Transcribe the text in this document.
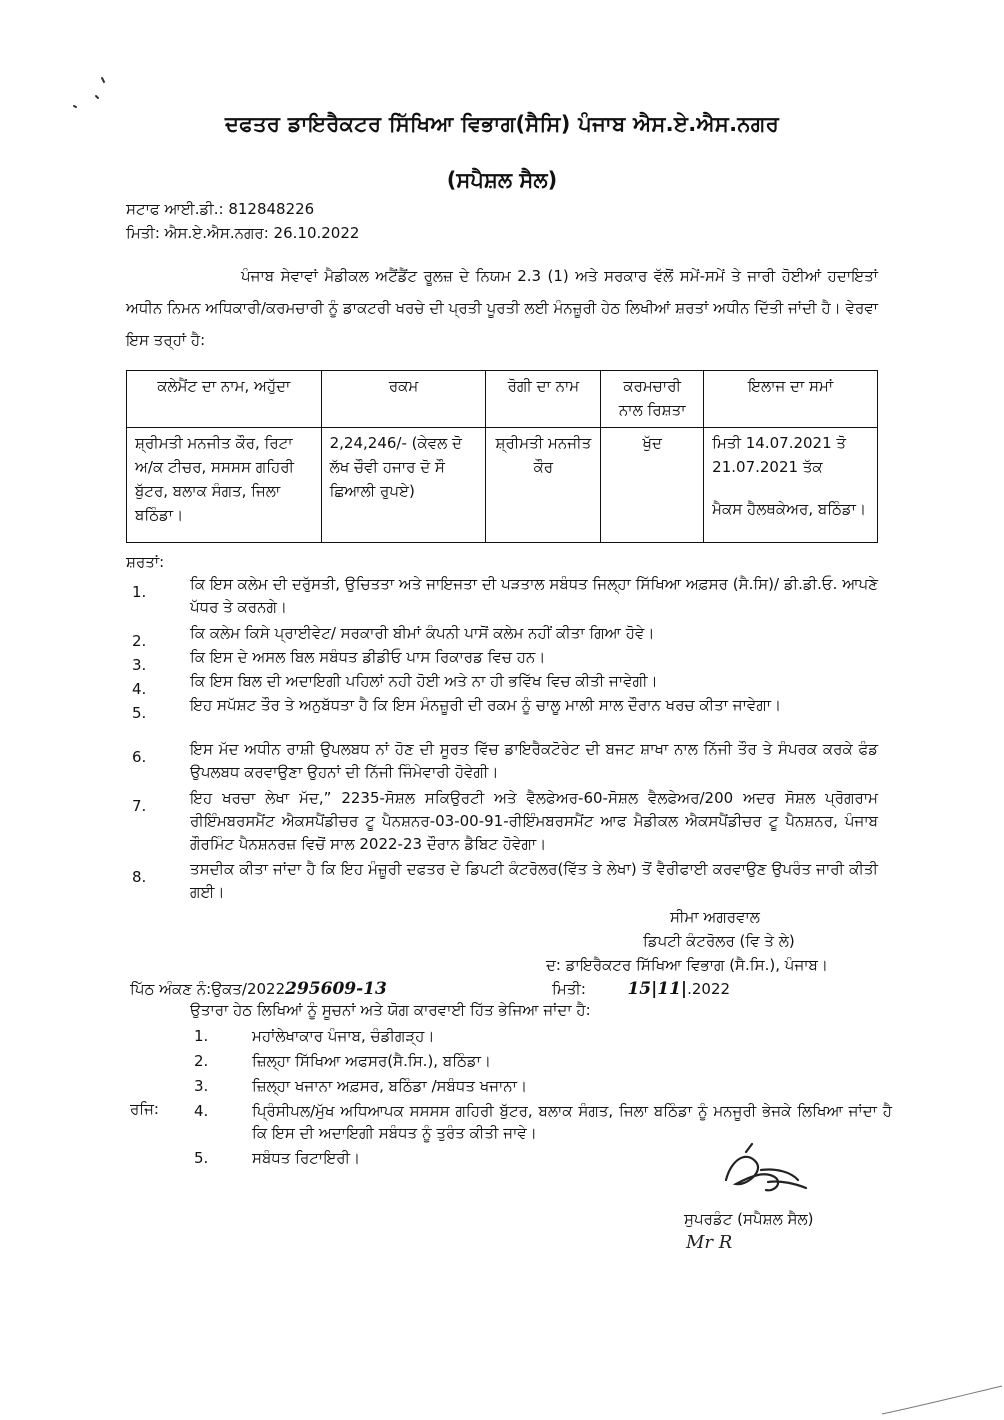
ਦਫਤਰ ਡਾਇਰੈਕਟਰ ਸਿੱਖਿਆ ਵਿਭਾਗ(ਸੈਸਿ) ਪੰਜਾਬ ਐਸ.ਏ.ਐਸ.ਨਗਰ
(ਸਪੈਸ਼ਲ ਸੈਲ)
ਸਟਾਫ ਆਈ.ਡੀ.: 812848226
ਮਿਤੀ: ਐਸ.ਏ.ਐਸ.ਨਗਰ: 26.10.2022
ਪੰਜਾਬ ਸੇਵਾਵਾਂ ਮੈਡੀਕਲ ਅਟੈਂਡੈਂਟ ਰੂਲਜ਼ ਦੇ ਨਿਯਮ 2.3 (1) ਅਤੇ ਸਰਕਾਰ ਵੱਲੋਂ ਸਮੇਂ-ਸਮੇਂ ਤੇ ਜਾਰੀ ਹੋਈਆਂ ਹਦਾਇਤਾਂ ਅਧੀਨ ਨਿਮਨ ਅਧਿਕਾਰੀ/ਕਰਮਚਾਰੀ ਨੂੰ ਡਾਕਟਰੀ ਖਰਚੇ ਦੀ ਪ੍ਰਤੀ ਪੂਰਤੀ ਲਈ ਮੰਨਜ਼ੂਰੀ ਹੇਠ ਲਿਖੀਆਂ ਸ਼ਰਤਾਂ ਅਧੀਨ ਦਿੱਤੀ ਜਾਂਦੀ ਹੈ। ਵੇਰਵਾ ਇਸ ਤਰ੍ਹਾਂ ਹੈ:
ਕਲੇਮੈਂਟ ਦਾ ਨਾਮ, ਅਹੁੱਦਾ	ਰਕਮ	ਰੋਗੀ ਦਾ ਨਾਮ	ਕਰਮਚਾਰੀ ਨਾਲ ਰਿਸ਼ਤਾ	ਇਲਾਜ ਦਾ ਸਮਾਂ
ਸ਼੍ਰੀਮਤੀ ਮਨਜੀਤ ਕੌਰ, ਰਿਟਾ ਅ/ਕ ਟੀਚਰ, ਸਸਸਸ ਗਹਿਰੀ ਬੁੱਟਰ, ਬਲਾਕ ਸੰਗਤ, ਜਿਲਾ ਬਠਿੰਡਾ।	2,24,246/- (ਕੇਵਲ ਦੋ ਲੱਖ ਚੌਵੀ ਹਜਾਰ ਦੋ ਸੌ ਛਿਆਲੀ ਰੁਪਏ)	ਸ਼੍ਰੀਮਤੀ ਮਨਜੀਤ ਕੌਰ	ਖੁੱਦ	ਮਿਤੀ 14.07.2021 ਤੋ 21.07.2021 ਤੱਕ
ਮੈਕਸ ਹੈਲਥਕੇਅਰ, ਬਠਿੰਡਾ।
ਸ਼ਰਤਾਂ:
1.	ਕਿ ਇਸ ਕਲੇਮ ਦੀ ਦਰੁੱਸਤੀ, ਉਚਿਤਤਾ ਅਤੇ ਜਾਇਜਤਾ ਦੀ ਪੜਤਾਲ ਸਬੰਧਤ ਜਿਲ੍ਹਾ ਸਿੱਖਿਆ ਅਫ਼ਸਰ (ਸੈ.ਸਿ)/ ਡੀ.ਡੀ.ਓ. ਆਪਣੇ ਪੱਧਰ ਤੇ ਕਰਨਗੇ।
2.	ਕਿ ਕਲੇਮ ਕਿਸੇ ਪ੍ਰਾਈਵੇਟ/ ਸਰਕਾਰੀ ਬੀਮਾਂ ਕੰਪਨੀ ਪਾਸੋਂ ਕਲੇਮ ਨਹੀਂ ਕੀਤਾ ਗਿਆ ਹੋਵੇ।
3.	ਕਿ ਇਸ ਦੇ ਅਸਲ ਬਿਲ ਸਬੰਧਤ ਡੀਡੀਓ ਪਾਸ ਰਿਕਾਰਡ ਵਿਚ ਹਨ।
4.	ਕਿ ਇਸ ਬਿਲ ਦੀ ਅਦਾਇਗੀ ਪਹਿਲਾਂ ਨਹੀ ਹੋਈ ਅਤੇ ਨਾ ਹੀ ਭਵਿੱਖ ਵਿਚ ਕੀਤੀ ਜਾਵੇਗੀ।
5.	ਇਹ ਸਪੱਸ਼ਟ ਤੌਰ ਤੇ ਅਨੁਬੱਧਤਾ ਹੈ ਕਿ ਇਸ ਮੰਨਜ਼ੂਰੀ ਦੀ ਰਕਮ ਨੂੰ ਚਾਲੂ ਮਾਲੀ ਸਾਲ ਦੌਰਾਨ ਖਰਚ ਕੀਤਾ ਜਾਵੇਗਾ।
6.	ਇਸ ਮੱਦ ਅਧੀਨ ਰਾਸ਼ੀ ਉਪਲਬਧ ਨਾਂ ਹੋਣ ਦੀ ਸੂਰਤ ਵਿੱਚ ਡਾਇਰੈਕਟੋਰੇਟ ਦੀ ਬਜਟ ਸ਼ਾਖਾ ਨਾਲ ਨਿੱਜੀ ਤੌਰ ਤੇ ਸੰਪਰਕ ਕਰਕੇ ਫੰਡ ਉਪਲਬਧ ਕਰਵਾਉਣਾ ਉਹਨਾਂ ਦੀ ਨਿੱਜੀ ਜਿੰਮੇਵਾਰੀ ਹੋਵੇਗੀ।
7.	ਇਹ ਖਰਚਾ ਲੇਖਾ ਮੱਦ,” 2235-ਸੋਸ਼ਲ ਸਕਿਉਰਟੀ ਅਤੇ ਵੈਲਫੇਅਰ-60-ਸੋਸ਼ਲ ਵੈਲਫੇਅਰ/200 ਅਦਰ ਸੋਸ਼ਲ ਪ੍ਰੋਗਰਾਮ ਰੀਇੰਮਬਰਸਮੈਂਟ ਐਕਸਪੈਂਡੀਚਰ ਟੂ ਪੈਨਸ਼ਨਰ-03-00-91-ਰੀਇੰਮਬਰਸਮੈਂਟ ਆਫ ਮੈਡੀਕਲ ਐਕਸਪੈਂਡੀਚਰ ਟੂ ਪੈਨਸ਼ਨਰ, ਪੰਜਾਬ ਗੌਰਮਿੰਟ ਪੈਨਸ਼ਨਰਜ਼ ਵਿਚੋਂ ਸਾਲ 2022-23 ਦੌਰਾਨ ਡੈਬਿਟ ਹੋਵੇਗਾ।
8.	ਤਸਦੀਕ ਕੀਤਾ ਜਾਂਦਾ ਹੈ ਕਿ ਇਹ ਮੰਜ਼ੂਰੀ ਦਫਤਰ ਦੇ ਡਿਪਟੀ ਕੰਟਰੋਲਰ(ਵਿੱਤ ਤੇ ਲੇਖਾ) ਤੋਂ ਵੈਰੀਫਾਈ ਕਰਵਾਉਣ ਉਪਰੰਤ ਜਾਰੀ ਕੀਤੀ ਗਈ।
ਸੀਮਾ ਅਗਰਵਾਲ
ਡਿਪਟੀ ਕੰਟਰੋਲਰ (ਵਿ ਤੇ ਲੇ)
ਦ: ਡਾਇਰੈਕਟਰ ਸਿੱਖਿਆ ਵਿਭਾਗ (ਸੈ.ਸਿ.), ਪੰਜਾਬ।
ਪਿੱਠ ਅੰਕਣ ਨੰ:ਉਕਤ/2022295609-13	ਮਿਤੀ: 15|11|.2022
ਉਤਾਰਾ ਹੇਠ ਲਿਖਿਆਂ ਨੂੰ ਸੂਚਨਾਂ ਅਤੇ ਯੋਗ ਕਾਰਵਾਈ ਹਿੱਤ ਭੇਜਿਆ ਜਾਂਦਾ ਹੈ:
1.	ਮਹਾਂਲੇਖਾਕਾਰ ਪੰਜਾਬ, ਚੰਡੀਗੜ੍ਹ।
2.	ਜ਼ਿਲ੍ਹਾ ਸਿੱਖਿਆ ਅਫਸਰ(ਸੈ.ਸਿ.), ਬਠਿੰਡਾ।
3.	ਜ਼ਿਲ੍ਹਾ ਖਜਾਨਾ ਅਫ਼ਸਰ, ਬਠਿੰਡਾ /ਸਬੰਧਤ ਖਜਾਨਾ।
ਰਜਿ: 4.	ਪ੍ਰਿੰਸੀਪਲ/ਮੁੱਖ ਅਧਿਆਪਕ ਸਸਸਸ ਗਹਿਰੀ ਬੁੱਟਰ, ਬਲਾਕ ਸੰਗਤ, ਜਿਲਾ ਬਠਿੰਡਾ ਨੂੰ ਮਨਜੂਰੀ ਭੇਜਕੇ ਲਿਖਿਆ ਜਾਂਦਾ ਹੈ ਕਿ ਇਸ ਦੀ ਅਦਾਇਗੀ ਸਬੰਧਤ ਨੂੰ ਤੁਰੰਤ ਕੀਤੀ ਜਾਵੇ।
5.	ਸਬੰਧਤ ਰਿਟਾਇਰੀ।
ਸੁਪਰਡੰਟ (ਸਪੈਸ਼ਲ ਸੈਲ)
Mr R
